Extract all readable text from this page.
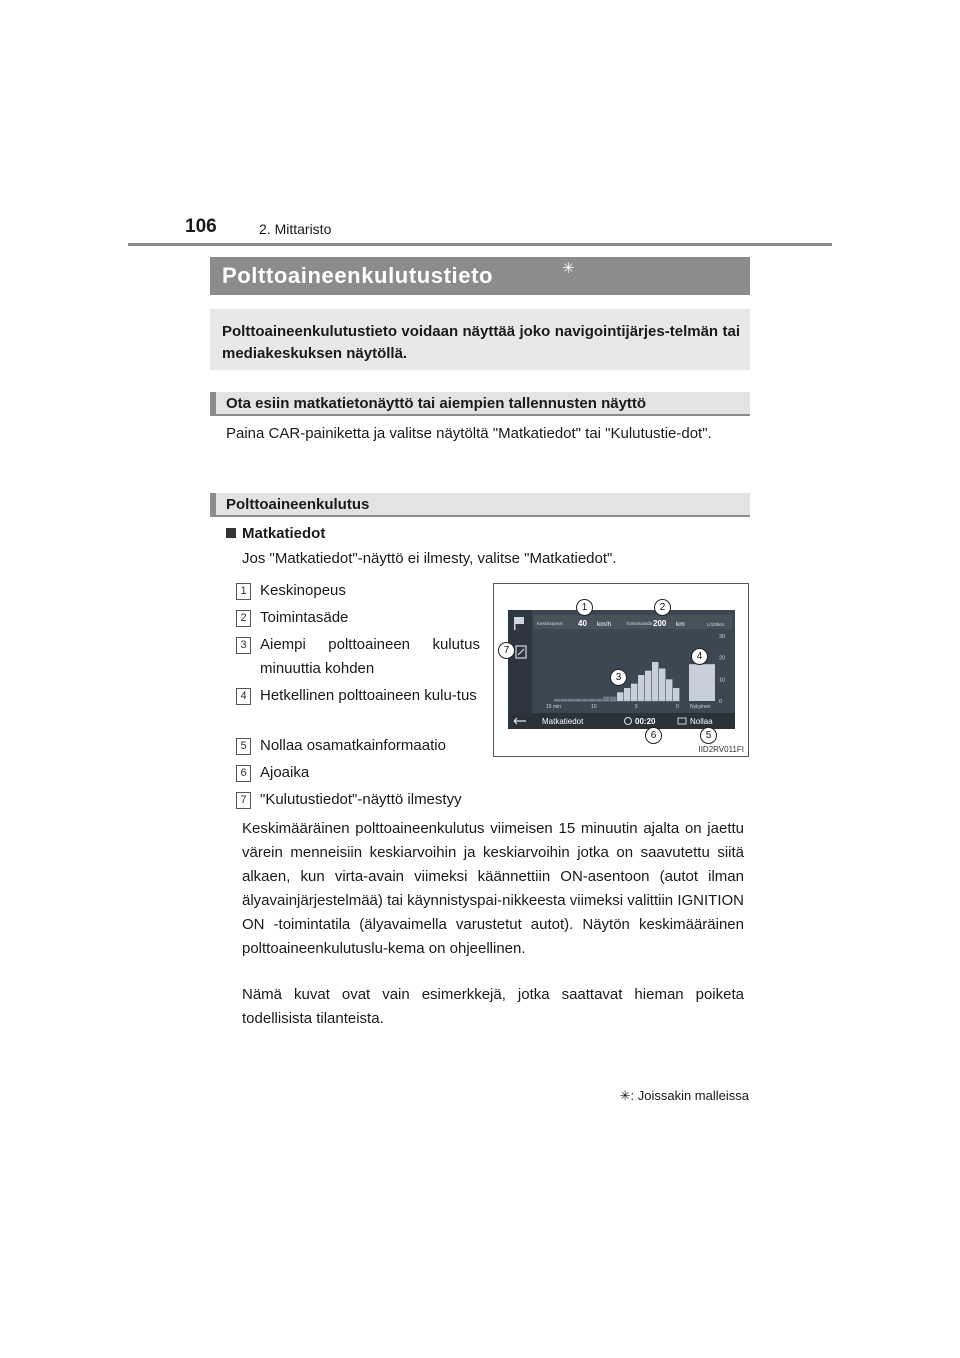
106	2. Mittaristo
Polttoaineenkulutustieto	✳
Polttoaineenkulutustieto voidaan näyttää joko navigointijärjes-telmän tai mediakeskuksen näytöllä.
Ota esiin matkatietonäyttö tai aiempien tallennusten näyttö
Paina CAR-painiketta ja valitse näytöltä "Matkatiedot" tai "Kulutustie-dot".
Polttoaineenkulutus
Matkatiedot
Jos "Matkatiedot"-näyttö ei ilmesty, valitse "Matkatiedot".
1 Keskinopeus
2 Toimintasäde
3 Aiempi polttoaineen kulutus minuuttia kohden
4 Hetkellinen polttoaineen kulu-tus
5 Nollaa osamatkainformaatio
6 Ajoaika
7 "Kulutustiedot"-näyttö ilmestyy
Keskinopeus 40 km/h	Toimintasäde 200 km	L/100km
30
20
10
0
15 min	10	5	0 Nykyinen
Matkatiedot	00:20	Nollaa
1	2
3
4
5
6
7
IID2RV011FI
Keskimääräinen polttoaineenkulutus viimeisen 15 minuutin ajalta on jaettu värein menneisiin keskiarvoihin ja keskiarvoihin jotka on saavutettu siitä alkaen, kun virta-avain viimeksi käännettiin ON-asentoon (autot ilman älyavainjärjestelmää) tai käynnistyspai-nikkeesta viimeksi valittiin IGNITION ON -toimintatila (älyavaimella varustetut autot). Näytön keskimääräinen polttoaineenkulutuslu-kema on ohjeellinen.
Nämä kuvat ovat vain esimerkkejä, jotka saattavat hieman poiketa todellisista tilanteista.
✳: Joissakin malleissa
